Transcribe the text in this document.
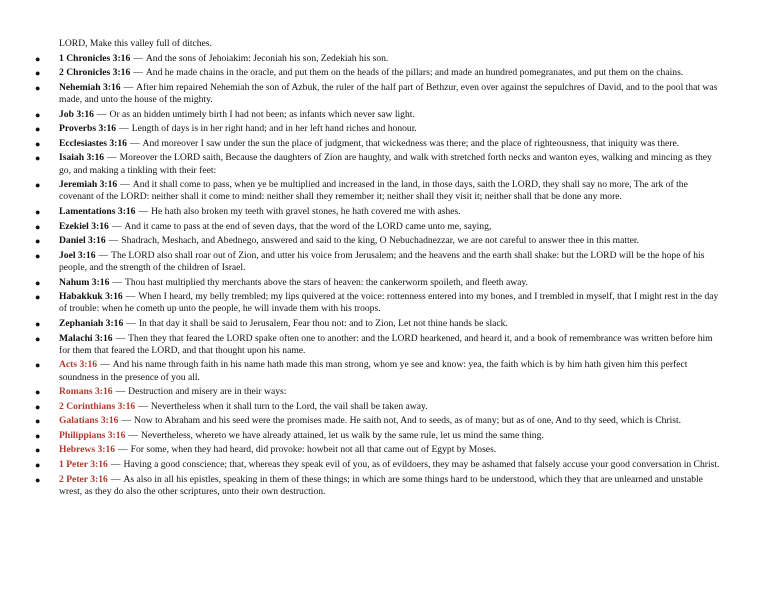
LORD, Make this valley full of ditches.
● 1 Chronicles 3:16 — And the sons of Jehoiakim: Jeconiah his son, Zedekiah his son.
● 2 Chronicles 3:16 — And he made chains in the oracle, and put them on the heads of the pillars; and made an hundred pomegranates, and put them on the chains.
● Nehemiah 3:16 — After him repaired Nehemiah the son of Azbuk, the ruler of the half part of Bethzur, even over against the sepulchres of David, and to the pool that was made, and unto the house of the mighty.
● Job 3:16 — Or as an hidden untimely birth I had not been; as infants which never saw light.
● Proverbs 3:16 — Length of days is in her right hand; and in her left hand riches and honour.
● Ecclesiastes 3:16 — And moreover I saw under the sun the place of judgment, that wickedness was there; and the place of righteousness, that iniquity was there.
● Isaiah 3:16 — Moreover the LORD saith, Because the daughters of Zion are haughty, and walk with stretched forth necks and wanton eyes, walking and mincing as they go, and making a tinkling with their feet:
● Jeremiah 3:16 — And it shall come to pass, when ye be multiplied and increased in the land, in those days, saith the LORD, they shall say no more, The ark of the covenant of the LORD: neither shall it come to mind: neither shall they remember it; neither shall they visit it; neither shall that be done any more.
● Lamentations 3:16 — He hath also broken my teeth with gravel stones, he hath covered me with ashes.
● Ezekiel 3:16 — And it came to pass at the end of seven days, that the word of the LORD came unto me, saying,
● Daniel 3:16 — Shadrach, Meshach, and Abednego, answered and said to the king, O Nebuchadnezzar, we are not careful to answer thee in this matter.
● Joel 3:16 — The LORD also shall roar out of Zion, and utter his voice from Jerusalem; and the heavens and the earth shall shake: but the LORD will be the hope of his people, and the strength of the children of Israel.
● Nahum 3:16 — Thou hast multiplied thy merchants above the stars of heaven: the cankerworm spoileth, and fleeth away.
● Habakkuk 3:16 — When I heard, my belly trembled; my lips quivered at the voice: rottenness entered into my bones, and I trembled in myself, that I might rest in the day of trouble: when he cometh up unto the people, he will invade them with his troops.
● Zephaniah 3:16 — In that day it shall be said to Jerusalem, Fear thou not: and to Zion, Let not thine hands be slack.
● Malachi 3:16 — Then they that feared the LORD spake often one to another: and the LORD hearkened, and heard it, and a book of remembrance was written before him for them that feared the LORD, and that thought upon his name.
● Acts 3:16 — And his name through faith in his name hath made this man strong, whom ye see and know: yea, the faith which is by him hath given him this perfect soundness in the presence of you all.
● Romans 3:16 — Destruction and misery are in their ways:
● 2 Corinthians 3:16 — Nevertheless when it shall turn to the Lord, the vail shall be taken away.
● Galatians 3:16 — Now to Abraham and his seed were the promises made. He saith not, And to seeds, as of many; but as of one, And to thy seed, which is Christ.
● Philippians 3:16 — Nevertheless, whereto we have already attained, let us walk by the same rule, let us mind the same thing.
● Hebrews 3:16 — For some, when they had heard, did provoke: howbeit not all that came out of Egypt by Moses.
● 1 Peter 3:16 — Having a good conscience; that, whereas they speak evil of you, as of evildoers, they may be ashamed that falsely accuse your good conversation in Christ.
● 2 Peter 3:16 — As also in all his epistles, speaking in them of these things; in which are some things hard to be understood, which they that are unlearned and unstable wrest, as they do also the other scriptures, unto their own destruction.
